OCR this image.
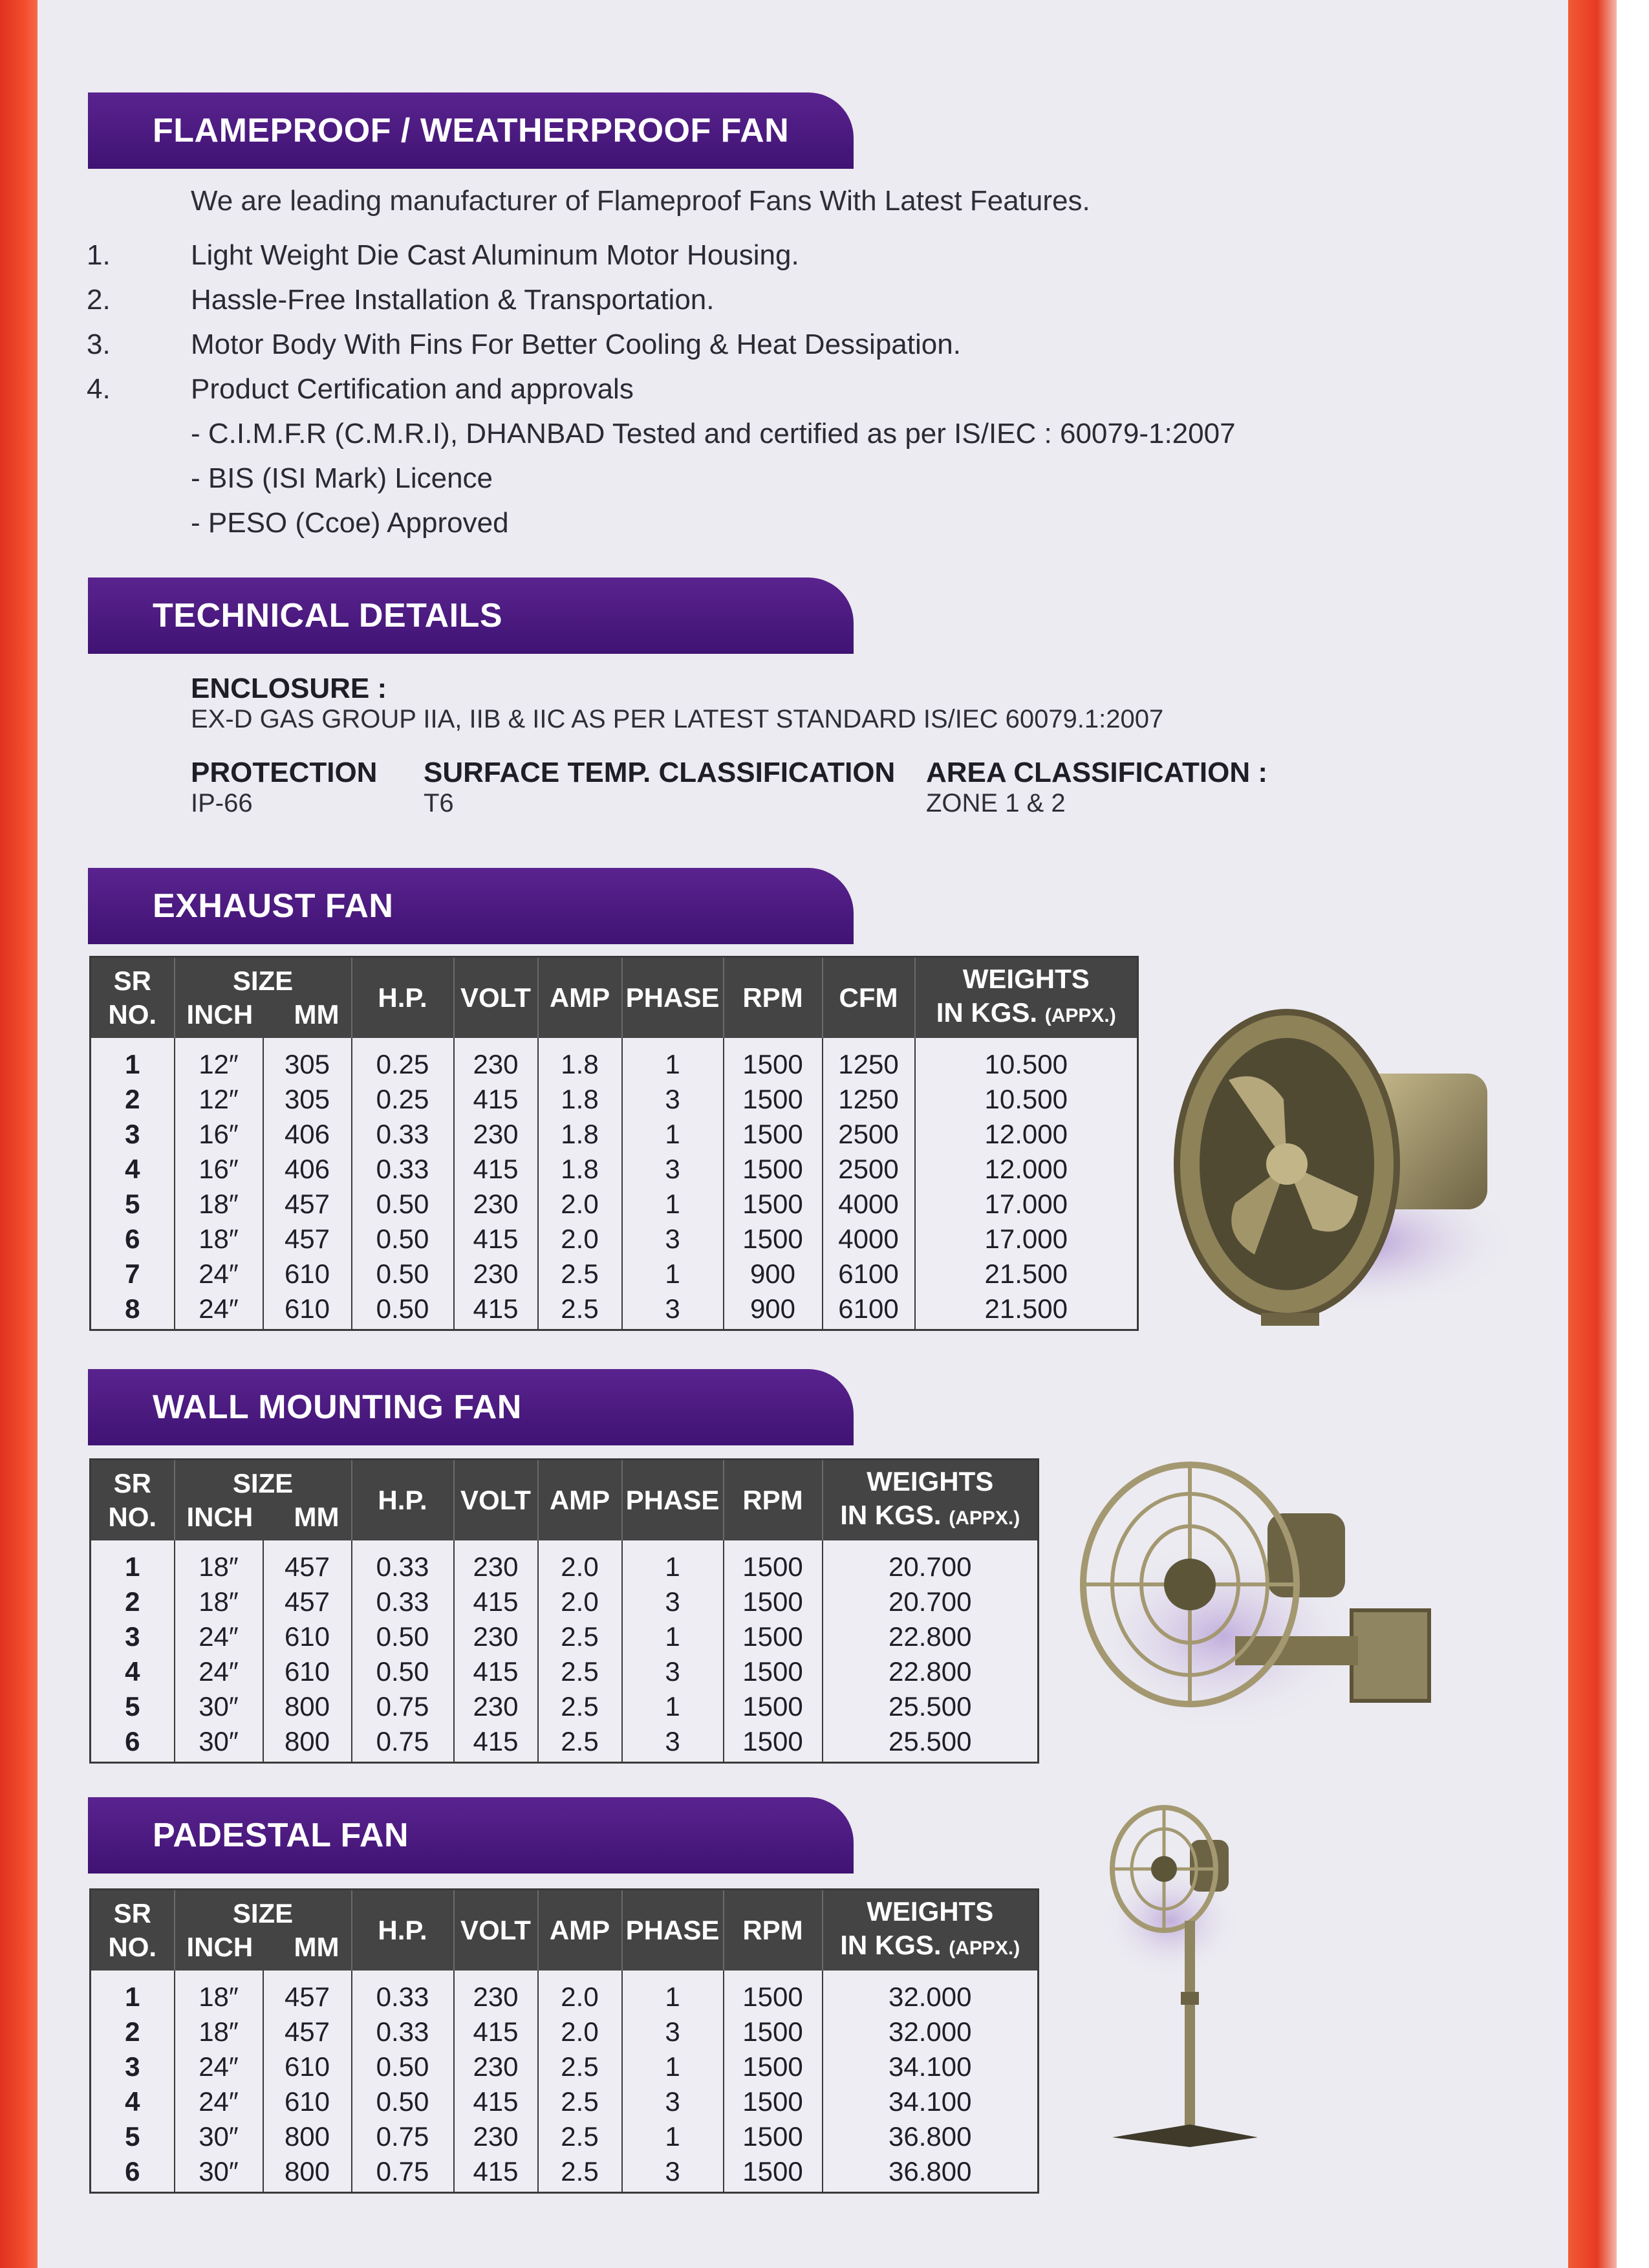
FLAMEPROOF / WEATHERPROOF FAN
We are leading manufacturer of Flameproof Fans With Latest Features.
1.	Light Weight Die Cast Aluminum Motor Housing.
2.	Hassle-Free Installation & Transportation.
3.	Motor Body With Fins For Better Cooling & Heat Dessipation.
4.	Product Certification and approvals
- C.I.M.F.R (C.M.R.I), DHANBAD Tested and certified as per IS/IEC : 60079-1:2007
- BIS (ISI Mark) Licence
- PESO (Ccoe) Approved
TECHNICAL DETAILS
ENCLOSURE :
EX-D GAS GROUP IIA, IIB & IIC AS PER LATEST STANDARD IS/IEC 60079.1:2007
PROTECTION
IP-66
SURFACE TEMP. CLASSIFICATION
T6
AREA CLASSIFICATION :
ZONE 1 & 2
EXHAUST FAN
SR
NO.	SIZE
INCH MM		H.P.	VOLT	AMP	PHASE	RPM	CFM	WEIGHTS
IN KGS. (APPX.)
1	12″	305	0.25	230	1.8	1	1500	1250	10.500
2	12″	305	0.25	415	1.8	3	1500	1250	10.500
3	16″	406	0.33	230	1.8	1	1500	2500	12.000
4	16″	406	0.33	415	1.8	3	1500	2500	12.000
5	18″	457	0.50	230	2.0	1	1500	4000	17.000
6	18″	457	0.50	415	2.0	3	1500	4000	17.000
7	24″	610	0.50	230	2.5	1	900	6100	21.500
8	24″	610	0.50	415	2.5	3	900	6100	21.500
WALL MOUNTING FAN
SR
NO.	SIZE
INCH MM		H.P.	VOLT	AMP	PHASE	RPM	WEIGHTS
IN KGS. (APPX.)
1	18″	457	0.33	230	2.0	1	1500	20.700
2	18″	457	0.33	415	2.0	3	1500	20.700
3	24″	610	0.50	230	2.5	1	1500	22.800
4	24″	610	0.50	415	2.5	3	1500	22.800
5	30″	800	0.75	230	2.5	1	1500	25.500
6	30″	800	0.75	415	2.5	3	1500	25.500
PADESTAL FAN
SR
NO.	SIZE
INCH MM		H.P.	VOLT	AMP	PHASE	RPM	WEIGHTS
IN KGS. (APPX.)
1	18″	457	0.33	230	2.0	1	1500	32.000
2	18″	457	0.33	415	2.0	3	1500	32.000
3	24″	610	0.50	230	2.5	1	1500	34.100
4	24″	610	0.50	415	2.5	3	1500	34.100
5	30″	800	0.75	230	2.5	1	1500	36.800
6	30″	800	0.75	415	2.5	3	1500	36.800
